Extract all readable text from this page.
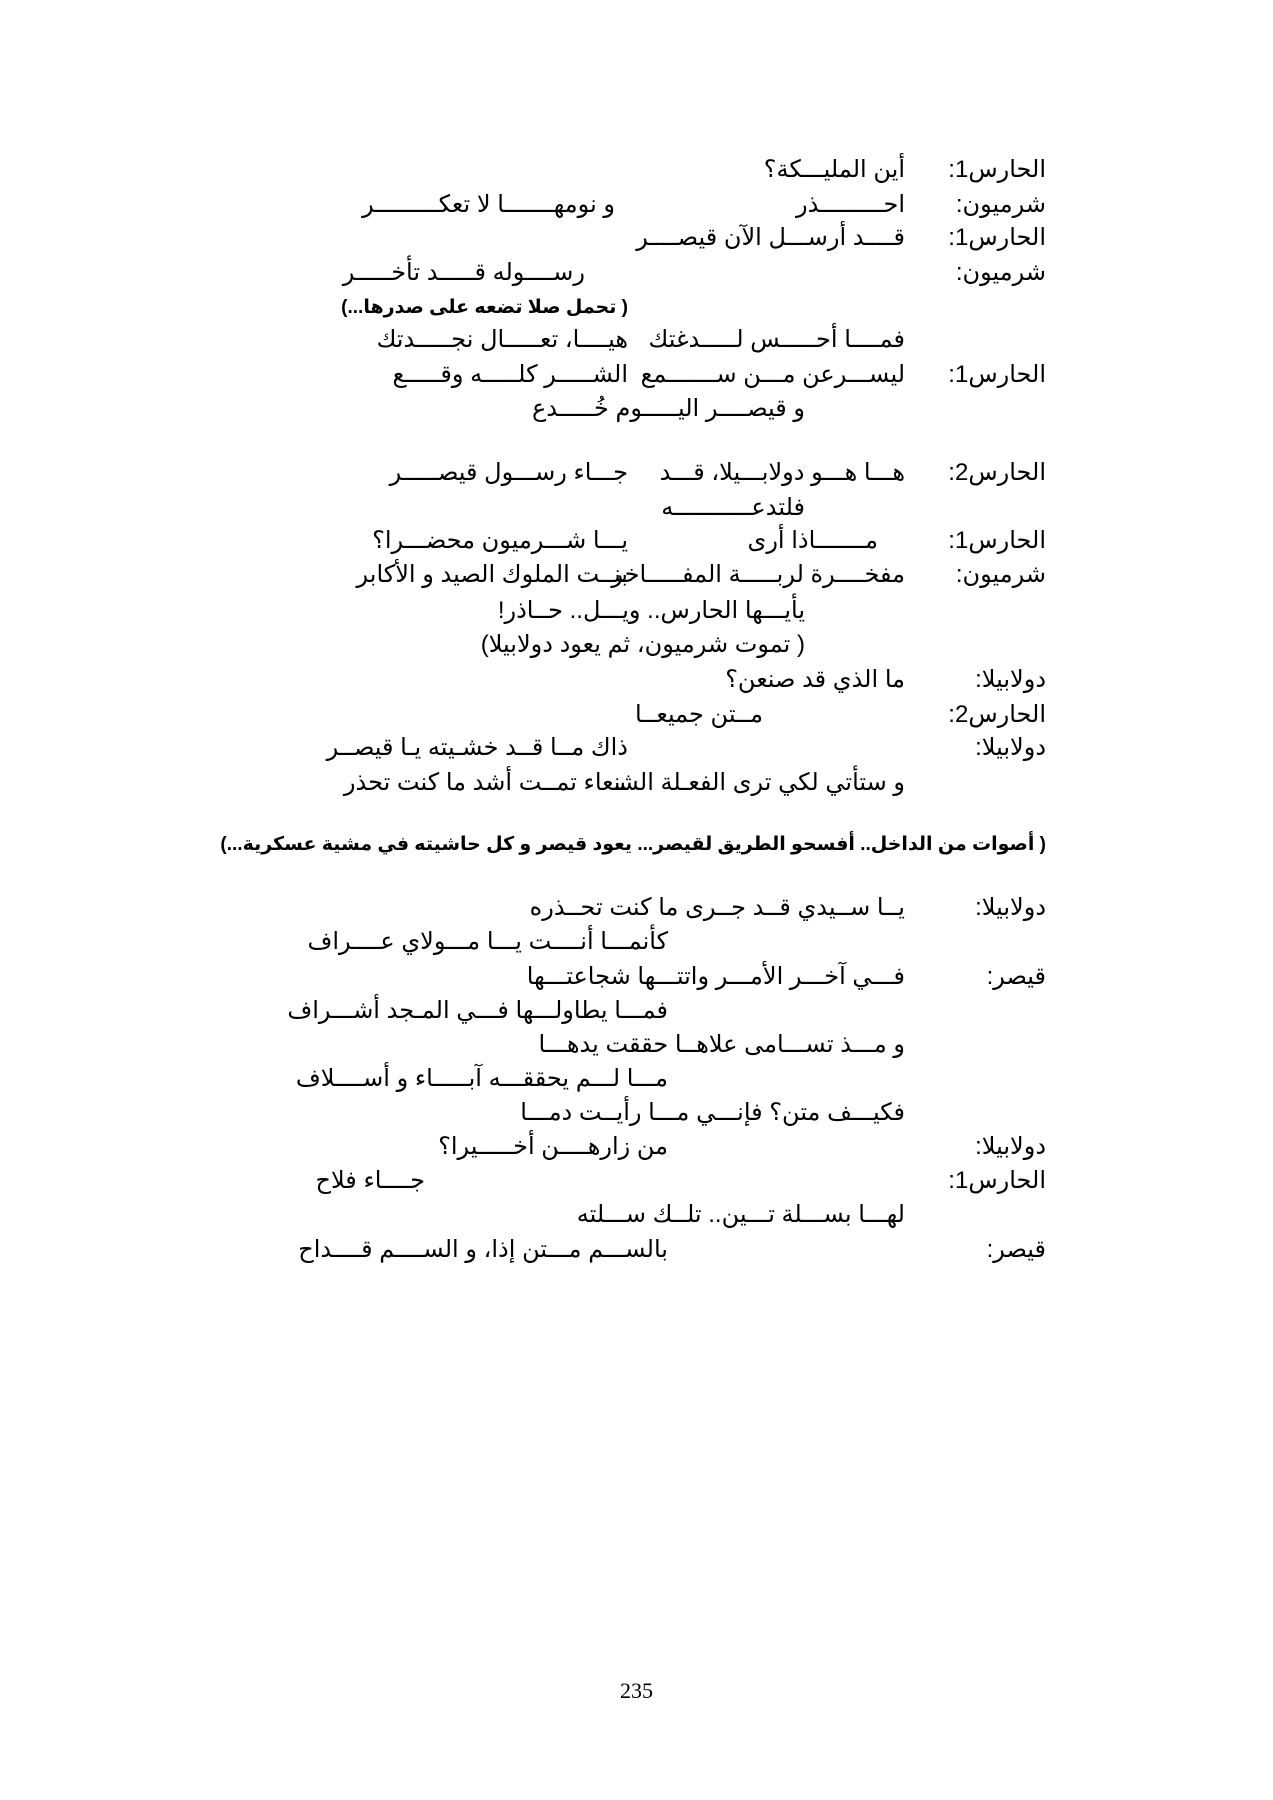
الحارس1:
أين المليـــكة؟
شرميون:
احـــــــــذر
و نومهـــــــا لا تعكـــــــــر
الحارس1:
قــــد أرســـل الآن قيصــــر
شرميون:
رســــوله قـــــد تأخـــــر
( تحمل صلا تضعه على صدرها...)
فمــــا أحـــــس لـــــدغتك
هيــــا، تعـــــال نجـــــدتك
الحارس1:
ليســـرعن مـــن ســـــــمع
الشـــــر كلـــــه وقـــــع
و قيصــــر اليـــــوم خُـــــدع
الحارس2:
هـــا هـــو دولابـــيلا، قـــد
جـــاء رســـول قيصـــــر
فلتدعـــــــــــه
الحارس1:
مـــــــاذا أرى
يـــا شـــرميون محضـــرا؟
شرميون:
مفخــــرة لربـــــة المفـــــاخر
بنــت الملوك الصيد و الأكابر
يأيـــها الحارس.. ويـــل.. حــاذر!
( تموت شرميون، ثم يعود دولابيلا)
دولابيلا:
ما الذي قد صنعن؟
الحارس2:
مــتن جميعــا
دولابيلا:
ذاك مــا قــد خشـيته يـا قيصــر
و ستأتي لكي ترى الفعـلة الشـ
ـنعاء تمــت أشد ما كنت تحذر
( أصوات من الداخل.. أفسحو الطريق لقيصر... يعود قيصر و كل حاشيته في مشية عسكرية...)
دولابيلا:
يــا ســيدي قــد جــرى ما كنت تحــذره
كأنمـــا أنــــت يـــا مـــولاي عــــراف
قيصر:
فـــي آخـــر الأمـــر واتتـــها شجاعتـــها
فمـــا يطاولـــها فـــي المـجد أشـــراف
و مـــذ تســـامى علاهــا حققت يدهـــا
مـــا لـــم يحققـــه آبـــــاء و أســــلاف
فكيـــف متن؟ فإنـــي مـــا رأيــت دمـــا
دولابيلا:
من زارهــــن أخـــــيرا؟
الحارس1:
جــــاء فلاح
لهـــا بســـلة تـــين.. تلــك ســـلته
قيصر:
بالســـم مـــتن إذا، و الســــم قــــداح
235
